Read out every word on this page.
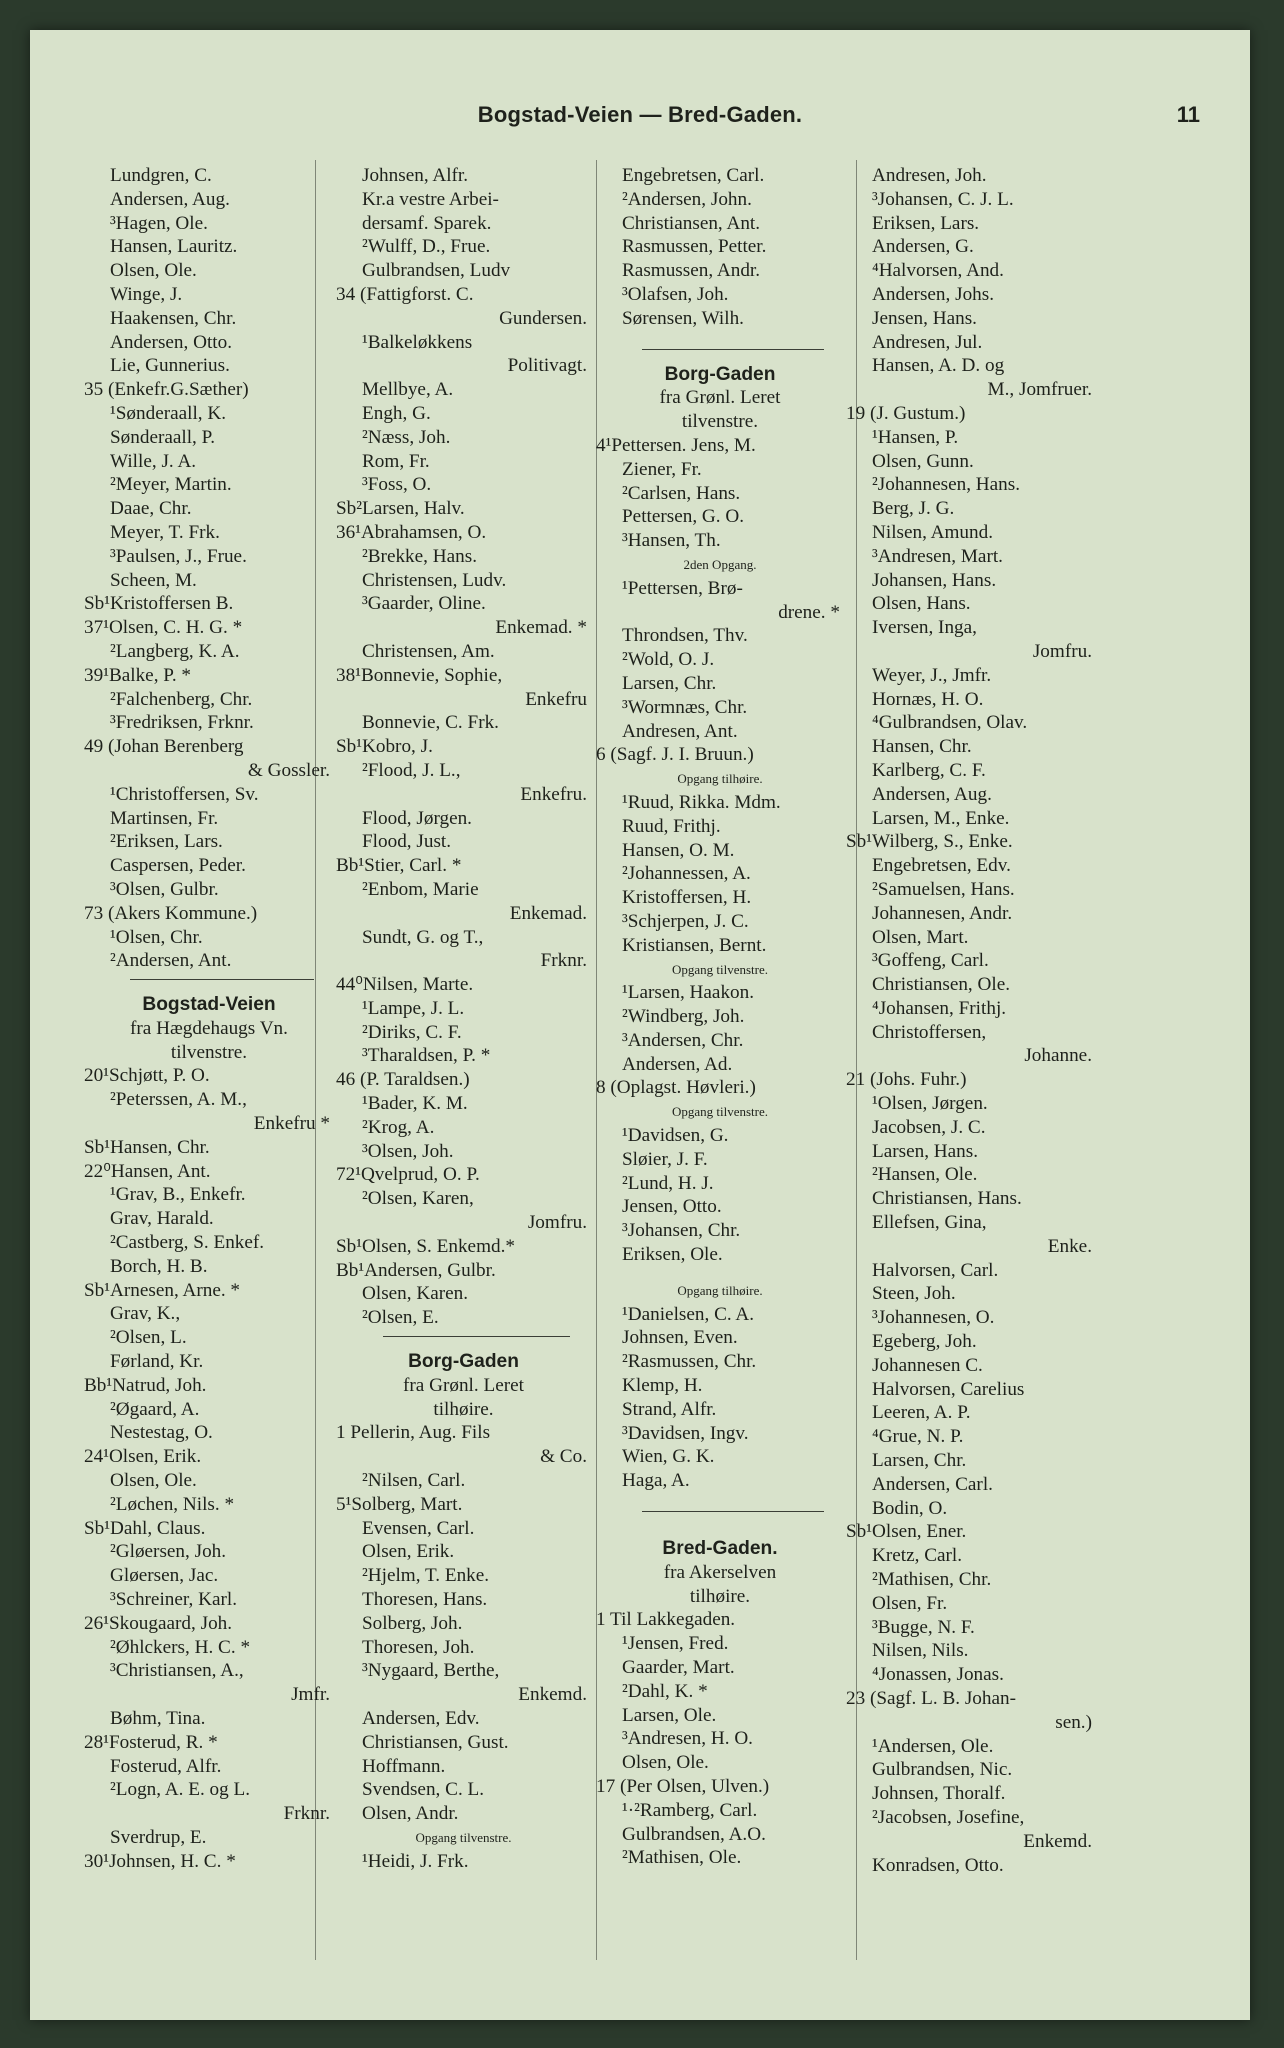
Bogstad-Veien — Bred-Gaden.	11
Lundgren, C.
Andersen, Aug.
³Hagen, Ole.
Hansen, Lauritz.
Olsen, Ole.
Winge, J.
Haakensen, Chr.
Andersen, Otto.
Lie, Gunnerius.
35 (Enkefr.G.Sæther)
¹Sønderaall, K.
Sønderaall, P.
Wille, J. A.
²Meyer, Martin.
Daae, Chr.
Meyer, T. Frk.
³Paulsen, J., Frue.
Scheen, M.
Sb¹Kristoffersen B.
37¹Olsen, C. H. G. *
²Langberg, K. A.
39¹Balke, P. *
²Falchenberg, Chr.
³Fredriksen, Frknr.
49 (Johan Berenberg
& Gossler.
¹Christoffersen, Sv.
Martinsen, Fr.
²Eriksen, Lars.
Caspersen, Peder.
³Olsen, Gulbr.
73 (Akers Kommune.)
¹Olsen, Chr.
²Andersen, Ant.
Bogstad-Veien
fra Hægdehaugs Vn.
tilvenstre.
20¹Schjøtt, P. O.
²Peterssen, A. M.,
Enkefru *
Sb¹Hansen, Chr.
22⁰Hansen, Ant.
¹Grav, B., Enkefr.
Grav, Harald.
²Castberg, S. Enkef.
Borch, H. B.
Sb¹Arnesen, Arne. *
Grav, K.,
²Olsen, L.
Førland, Kr.
Bb¹Natrud, Joh.
²Øgaard, A.
Nestestag, O.
24¹Olsen, Erik.
Olsen, Ole.
²Løchen, Nils. *
Sb¹Dahl, Claus.
²Gløersen, Joh.
Gløersen, Jac.
³Schreiner, Karl.
26¹Skougaard, Joh.
²Øhlckers, H. C. *
³Christiansen, A.,
Jmfr.
Bøhm, Tina.
28¹Fosterud, R. *
Fosterud, Alfr.
²Logn, A. E. og L.
Frknr.
Sverdrup, E.
30¹Johnsen, H. C. *
Johnsen, Alfr.
Kr.a vestre Arbei-
dersamf. Sparek.
²Wulff, D., Frue.
Gulbrandsen, Ludv
34 (Fattigforst. C.
Gundersen.
¹Balkeløkkens
Politivagt.
Mellbye, A.
Engh, G.
²Næss, Joh.
Rom, Fr.
³Foss, O.
Sb²Larsen, Halv.
36¹Abrahamsen, O.
²Brekke, Hans.
Christensen, Ludv.
³Gaarder, Oline.
Enkemad. *
Christensen, Am.
38¹Bonnevie, Sophie,
Enkefru
Bonnevie, C. Frk.
Sb¹Kobro, J.
²Flood, J. L.,
Enkefru.
Flood, Jørgen.
Flood, Just.
Bb¹Stier, Carl. *
²Enbom, Marie
Enkemad.
Sundt, G. og T.,
Frknr.
44⁰Nilsen, Marte.
¹Lampe, J. L.
²Diriks, C. F.
³Tharaldsen, P. *
46 (P. Taraldsen.)
¹Bader, K. M.
²Krog, A.
³Olsen, Joh.
72¹Qvelprud, O. P.
²Olsen, Karen,
Jomfru.
Sb¹Olsen, S. Enkemd.*
Bb¹Andersen, Gulbr.
Olsen, Karen.
²Olsen, E.
Borg-Gaden
fra Grønl. Leret
tilhøire.
1 Pellerin, Aug. Fils
& Co.
²Nilsen, Carl.
5¹Solberg, Mart.
Evensen, Carl.
Olsen, Erik.
²Hjelm, T. Enke.
Thoresen, Hans.
Solberg, Joh.
Thoresen, Joh.
³Nygaard, Berthe,
Enkemd.
Andersen, Edv.
Christiansen, Gust.
Hoffmann.
Svendsen, C. L.
Olsen, Andr.
Opgang tilvenstre.
¹Heidi, J. Frk.
Engebretsen, Carl.
²Andersen, John.
Christiansen, Ant.
Rasmussen, Petter.
Rasmussen, Andr.
³Olafsen, Joh.
Sørensen, Wilh.
Borg-Gaden
fra Grønl. Leret
tilvenstre.
4¹Pettersen. Jens, M.
Ziener, Fr.
²Carlsen, Hans.
Pettersen, G. O.
³Hansen, Th.
2den Opgang.
¹Pettersen, Brø-
drene. *
Throndsen, Thv.
²Wold, O. J.
Larsen, Chr.
³Wormnæs, Chr.
Andresen, Ant.
6 (Sagf. J. I. Bruun.)
Opgang tilhøire.
¹Ruud, Rikka. Mdm.
Ruud, Frithj.
Hansen, O. M.
²Johannessen, A.
Kristoffersen, H.
³Schjerpen, J. C.
Kristiansen, Bernt.
Opgang tilvenstre.
¹Larsen, Haakon.
²Windberg, Joh.
³Andersen, Chr.
Andersen, Ad.
8 (Oplagst. Høvleri.)
Opgang tilvenstre.
¹Davidsen, G.
Sløier, J. F.
²Lund, H. J.
Jensen, Otto.
³Johansen, Chr.
Eriksen, Ole.
Opgang tilhøire.
¹Danielsen, C. A.
Johnsen, Even.
²Rasmussen, Chr.
Klemp, H.
Strand, Alfr.
³Davidsen, Ingv.
Wien, G. K.
Haga, A.
Bred-Gaden.
fra Akerselven
tilhøire.
1 Til Lakkegaden.
¹Jensen, Fred.
Gaarder, Mart.
²Dahl, K. *
Larsen, Ole.
³Andresen, H. O.
Olsen, Ole.
17 (Per Olsen, Ulven.)
¹·²Ramberg, Carl.
Gulbrandsen, A.O.
²Mathisen, Ole.
Andresen, Joh.
³Johansen, C. J. L.
Eriksen, Lars.
Andersen, G.
⁴Halvorsen, And.
Andersen, Johs.
Jensen, Hans.
Andresen, Jul.
Hansen, A. D. og
M., Jomfruer.
19 (J. Gustum.)
¹Hansen, P.
Olsen, Gunn.
²Johannesen, Hans.
Berg, J. G.
Nilsen, Amund.
³Andresen, Mart.
Johansen, Hans.
Olsen, Hans.
Iversen, Inga,
Jomfru.
Weyer, J., Jmfr.
Hornæs, H. O.
⁴Gulbrandsen, Olav.
Hansen, Chr.
Karlberg, C. F.
Andersen, Aug.
Larsen, M., Enke.
Sb¹Wilberg, S., Enke.
Engebretsen, Edv.
²Samuelsen, Hans.
Johannesen, Andr.
Olsen, Mart.
³Goffeng, Carl.
Christiansen, Ole.
⁴Johansen, Frithj.
Christoffersen,
Johanne.
21 (Johs. Fuhr.)
¹Olsen, Jørgen.
Jacobsen, J. C.
Larsen, Hans.
²Hansen, Ole.
Christiansen, Hans.
Ellefsen, Gina,
Enke.
Halvorsen, Carl.
Steen, Joh.
³Johannesen, O.
Egeberg, Joh.
Johannesen C.
Halvorsen, Carelius
Leeren, A. P.
⁴Grue, N. P.
Larsen, Chr.
Andersen, Carl.
Bodin, O.
Sb¹Olsen, Ener.
Kretz, Carl.
²Mathisen, Chr.
Olsen, Fr.
³Bugge, N. F.
Nilsen, Nils.
⁴Jonassen, Jonas.
23 (Sagf. L. B. Johan-
sen.)
¹Andersen, Ole.
Gulbrandsen, Nic.
Johnsen, Thoralf.
²Jacobsen, Josefine,
Enkemd.
Konradsen, Otto.
